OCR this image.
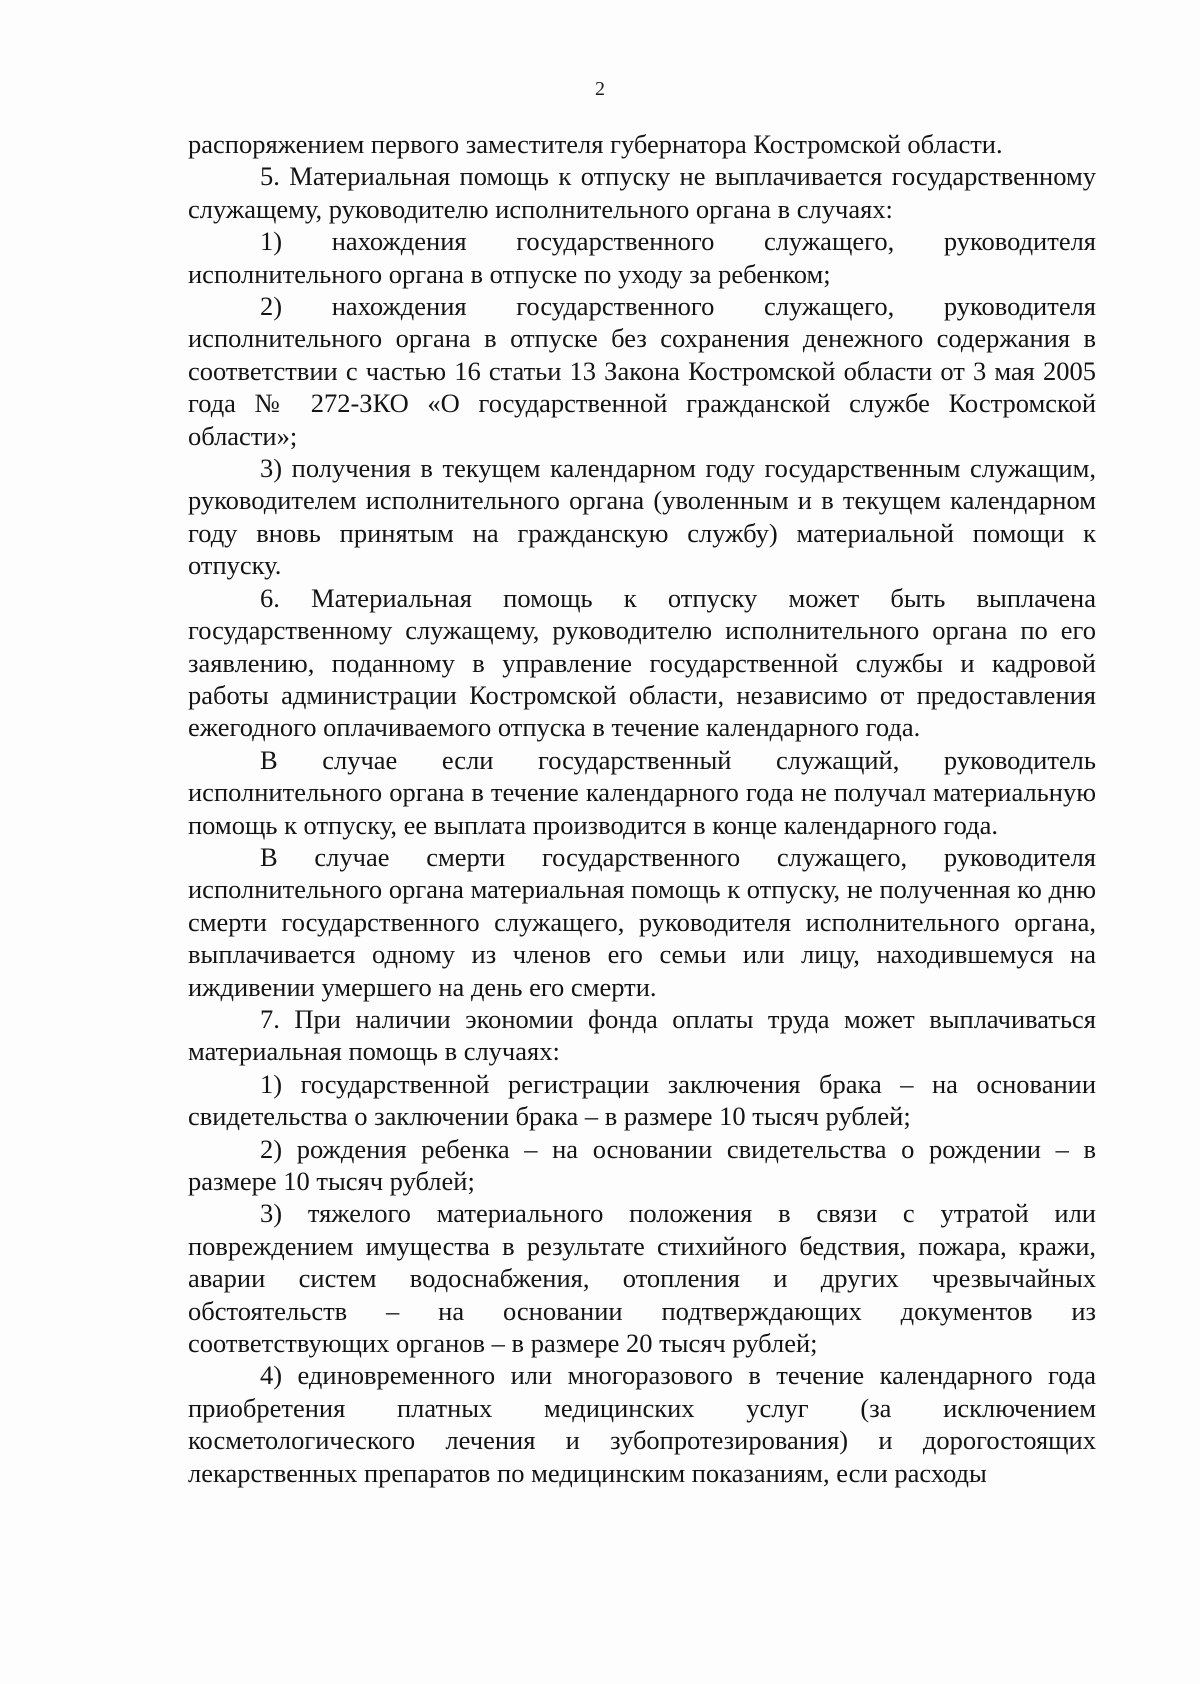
2

распоряжением первого заместителя губернатора Костромской области.

5. Материальная помощь к отпуску не выплачивается государственному служащему, руководителю исполнительного органа в случаях:

1) нахождения государственного служащего, руководителя исполнительного органа в отпуске по уходу за ребенком;

2) нахождения государственного служащего, руководителя исполнительного органа в отпуске без сохранения денежного содержания в соответствии с частью 16 статьи 13 Закона Костромской области от 3 мая 2005 года № 272-ЗКО «О государственной гражданской службе Костромской области»;

3) получения в текущем календарном году государственным служащим, руководителем исполнительного органа (уволенным и в текущем календарном году вновь принятым на гражданскую службу) материальной помощи к отпуску.

6. Материальная помощь к отпуску может быть выплачена государственному служащему, руководителю исполнительного органа по его заявлению, поданному в управление государственной службы и кадровой работы администрации Костромской области, независимо от предоставления ежегодного оплачиваемого отпуска в течение календарного года.

В случае если государственный служащий, руководитель исполнительного органа в течение календарного года не получал материальную помощь к отпуску, ее выплата производится в конце календарного года.

В случае смерти государственного служащего, руководителя исполнительного органа материальная помощь к отпуску, не полученная ко дню смерти государственного служащего, руководителя исполнительного органа, выплачивается одному из членов его семьи или лицу, находившемуся на иждивении умершего на день его смерти.

7. При наличии экономии фонда оплаты труда может выплачиваться материальная помощь в случаях:

1) государственной регистрации заключения брака – на основании свидетельства о заключении брака – в размере 10 тысяч рублей;

2) рождения ребенка – на основании свидетельства о рождении – в размере 10 тысяч рублей;

3) тяжелого материального положения в связи с утратой или повреждением имущества в результате стихийного бедствия, пожара, кражи, аварии систем водоснабжения, отопления и других чрезвычайных обстоятельств – на основании подтверждающих документов из соответствующих органов – в размере 20 тысяч рублей;

4) единовременного или многоразового в течение календарного года приобретения платных медицинских услуг (за исключением косметологического лечения и зубопротезирования) и дорогостоящих лекарственных препаратов по медицинским показаниям, если расходы
